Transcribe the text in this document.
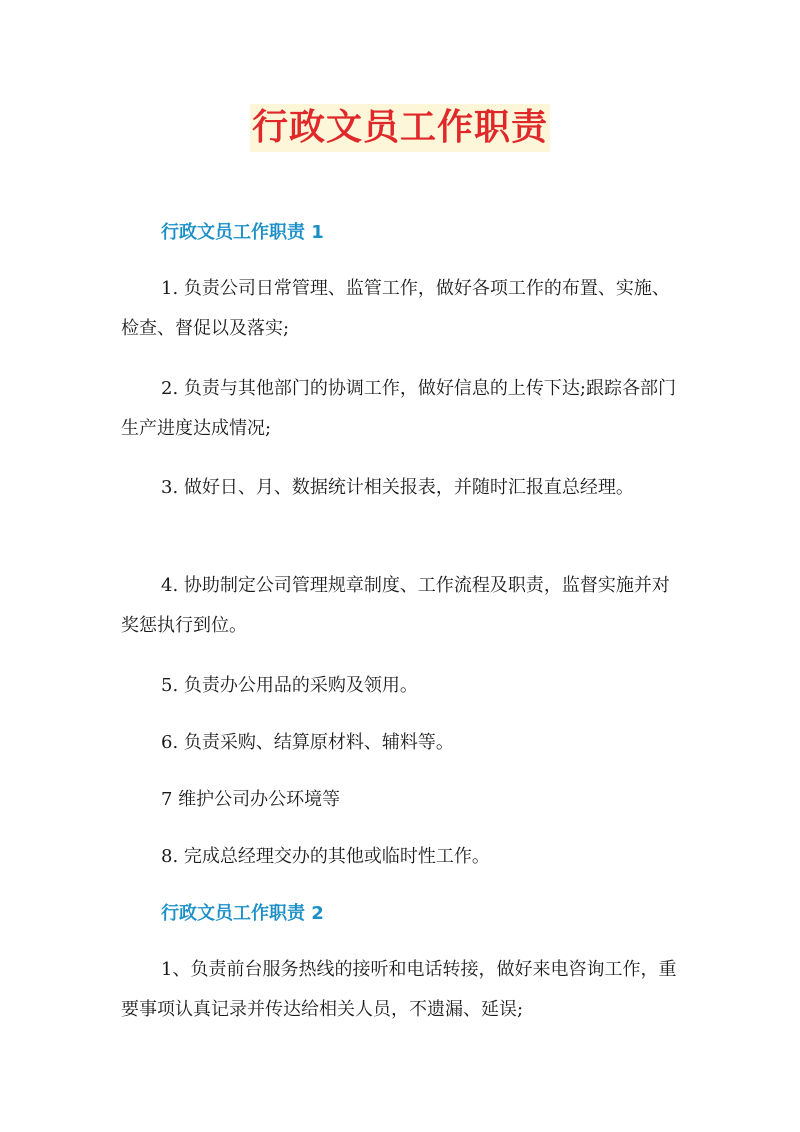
行政文员工作职责
行政文员工作职责 1

1. 负责公司日常管理、监管工作，做好各项工作的布置、实施、检查、督促以及落实;

2. 负责与其他部门的协调工作，做好信息的上传下达;跟踪各部门生产进度达成情况;

3. 做好日、月、数据统计相关报表，并随时汇报直总经理。

4. 协助制定公司管理规章制度、工作流程及职责，监督实施并对奖惩执行到位。

5. 负责办公用品的采购及领用。

6. 负责采购、结算原材料、辅料等。

7 维护公司办公环境等

8. 完成总经理交办的其他或临时性工作。

行政文员工作职责 2

1、负责前台服务热线的接听和电话转接，做好来电咨询工作，重要事项认真记录并传达给相关人员，不遗漏、延误;
